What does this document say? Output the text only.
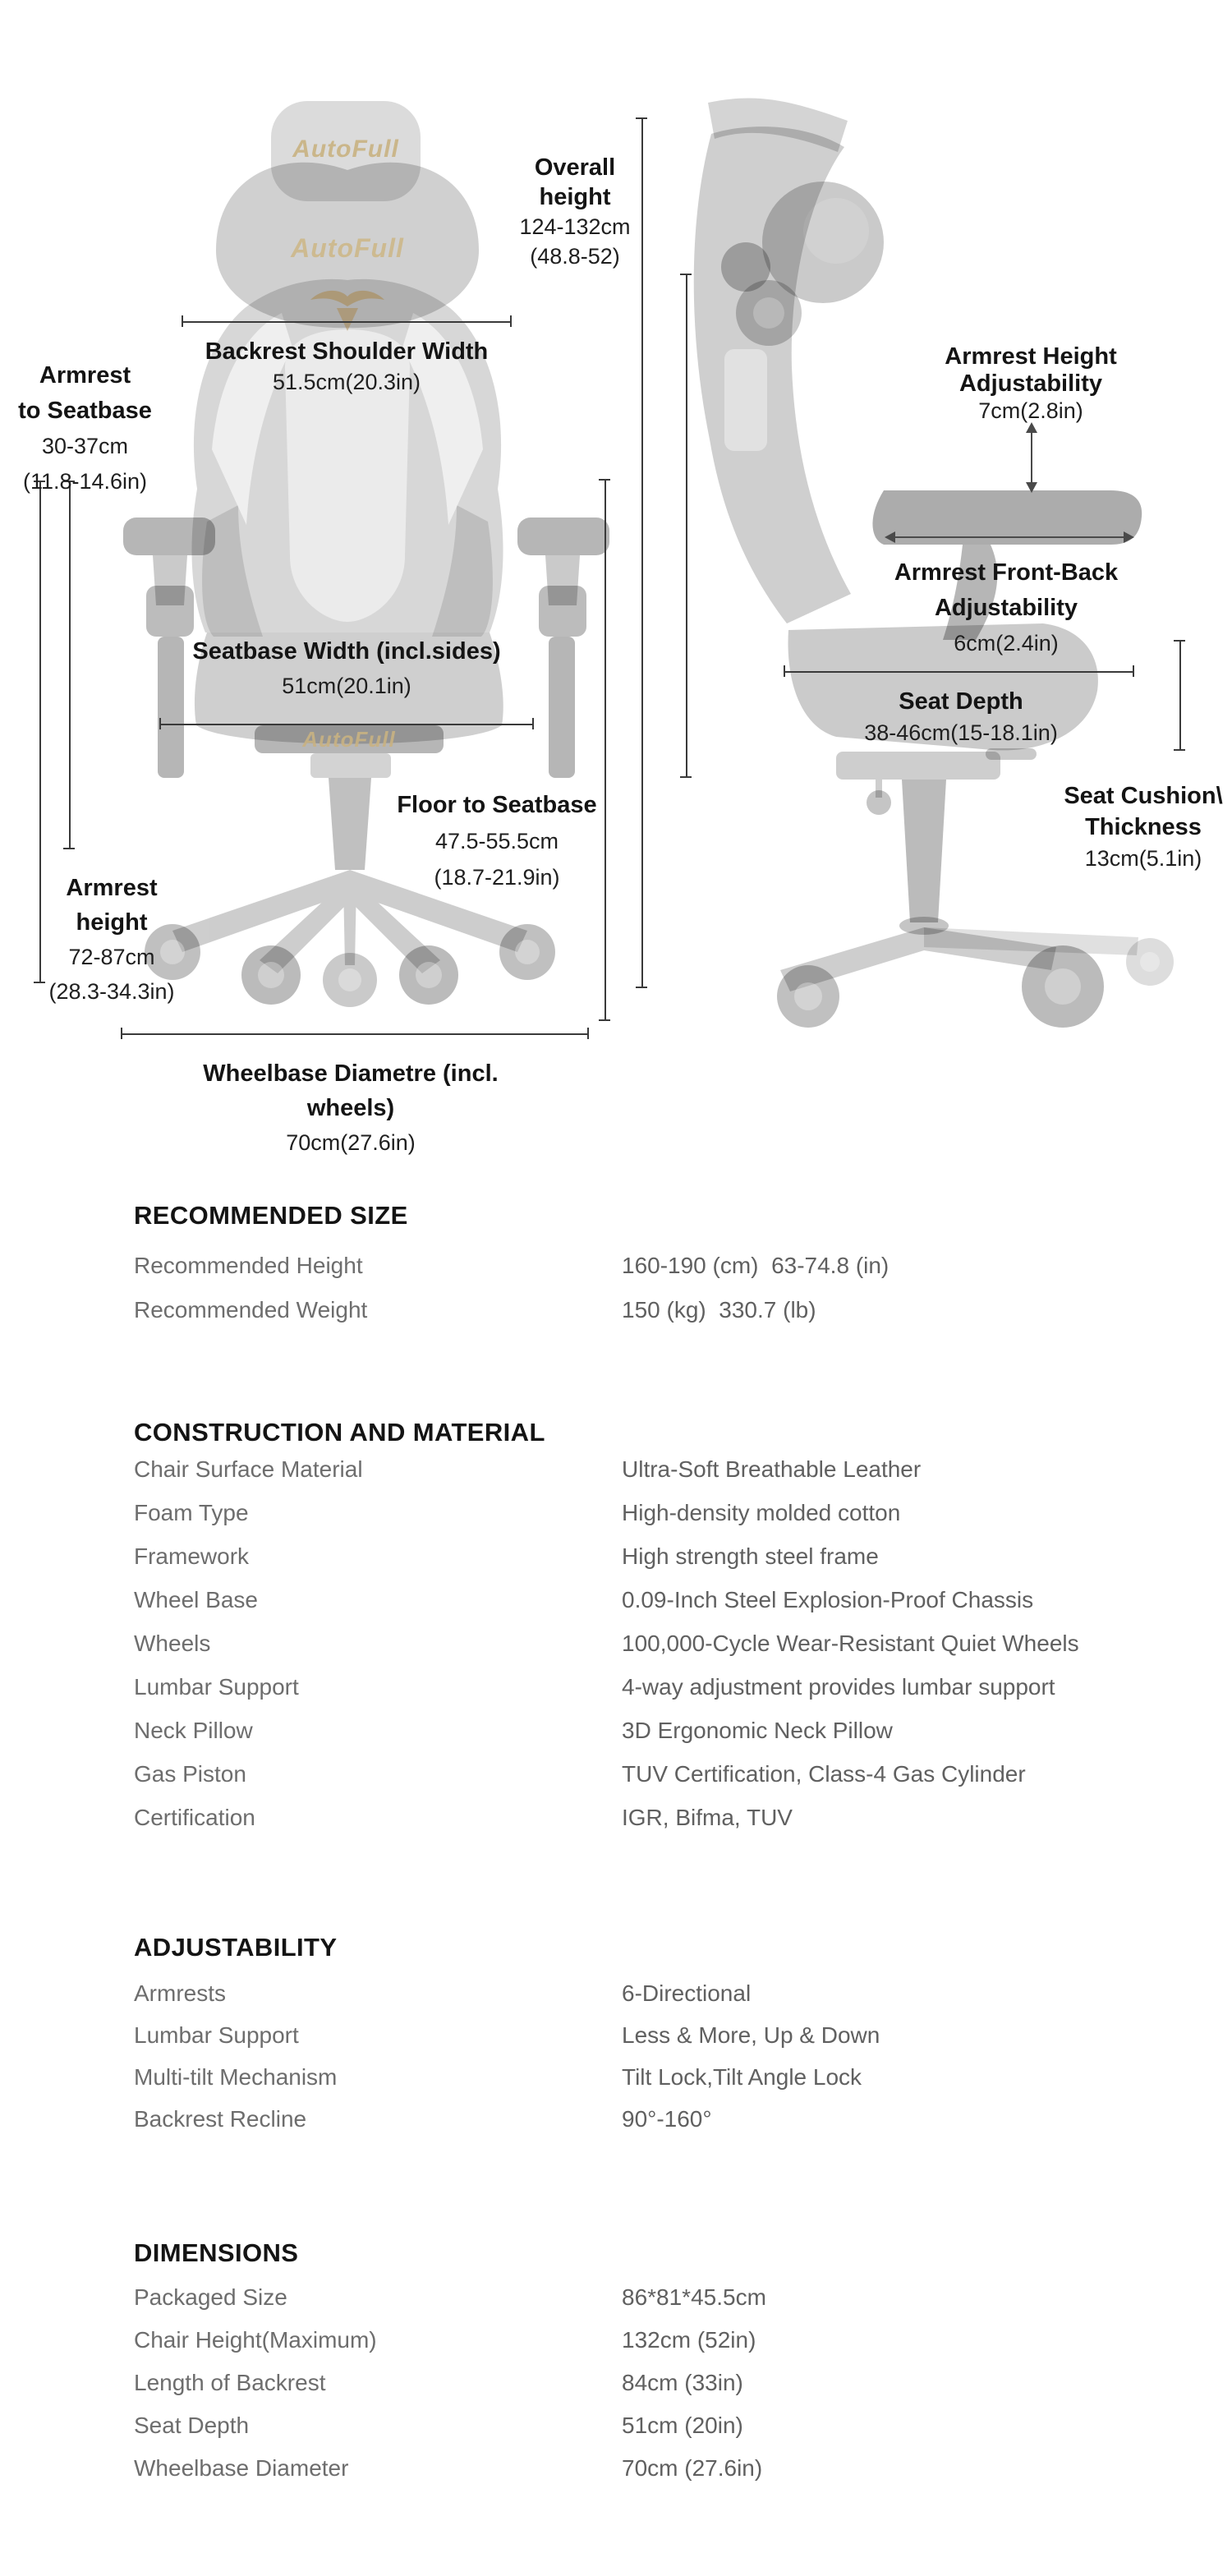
AutoFull
AutoFull
AutoFull
Overall
height
124-132cm
(48.8-52)
Backrest Shoulder Width
51.5cm(20.3in)
Armrest
to Seatbase
30-37cm
(11.8-14.6in)
Seatbase Width (incl.sides)
51cm(20.1in)
Floor to Seatbase
47.5-55.5cm
(18.7-21.9in)
Armrest
height
72-87cm
(28.3-34.3in)
Wheelbase Diametre (incl. wheels)
70cm(27.6in)
Armrest Height
Adjustability
7cm(2.8in)
Armrest Front-Back
Adjustability
6cm(2.4in)
Seat Depth
38-46cm(15-18.1in)
Seat Cushion\
Thickness
13cm(5.1in)
RECOMMENDED SIZE
Recommended Height	160-190 (cm)  63-74.8 (in)
Recommended Weight	150 (kg)  330.7 (lb)
CONSTRUCTION AND MATERIAL
Chair Surface Material	Ultra-Soft Breathable Leather
Foam Type	High-density molded cotton
Framework	High strength steel frame
Wheel Base	0.09-Inch Steel Explosion-Proof Chassis
Wheels	100,000-Cycle Wear-Resistant Quiet Wheels
Lumbar Support	4-way adjustment provides lumbar support
Neck Pillow	3D Ergonomic Neck Pillow
Gas Piston	TUV Certification, Class-4 Gas Cylinder
Certification	IGR, Bifma, TUV
ADJUSTABILITY
Armrests	6-Directional
Lumbar Support	Less & More, Up & Down
Multi-tilt Mechanism	Tilt Lock,Tilt Angle Lock
Backrest Recline	90°-160°
DIMENSIONS
Packaged Size	86*81*45.5cm
Chair Height(Maximum)	132cm (52in)
Length of Backrest	84cm (33in)
Seat Depth	51cm (20in)
Wheelbase Diameter	70cm (27.6in)
